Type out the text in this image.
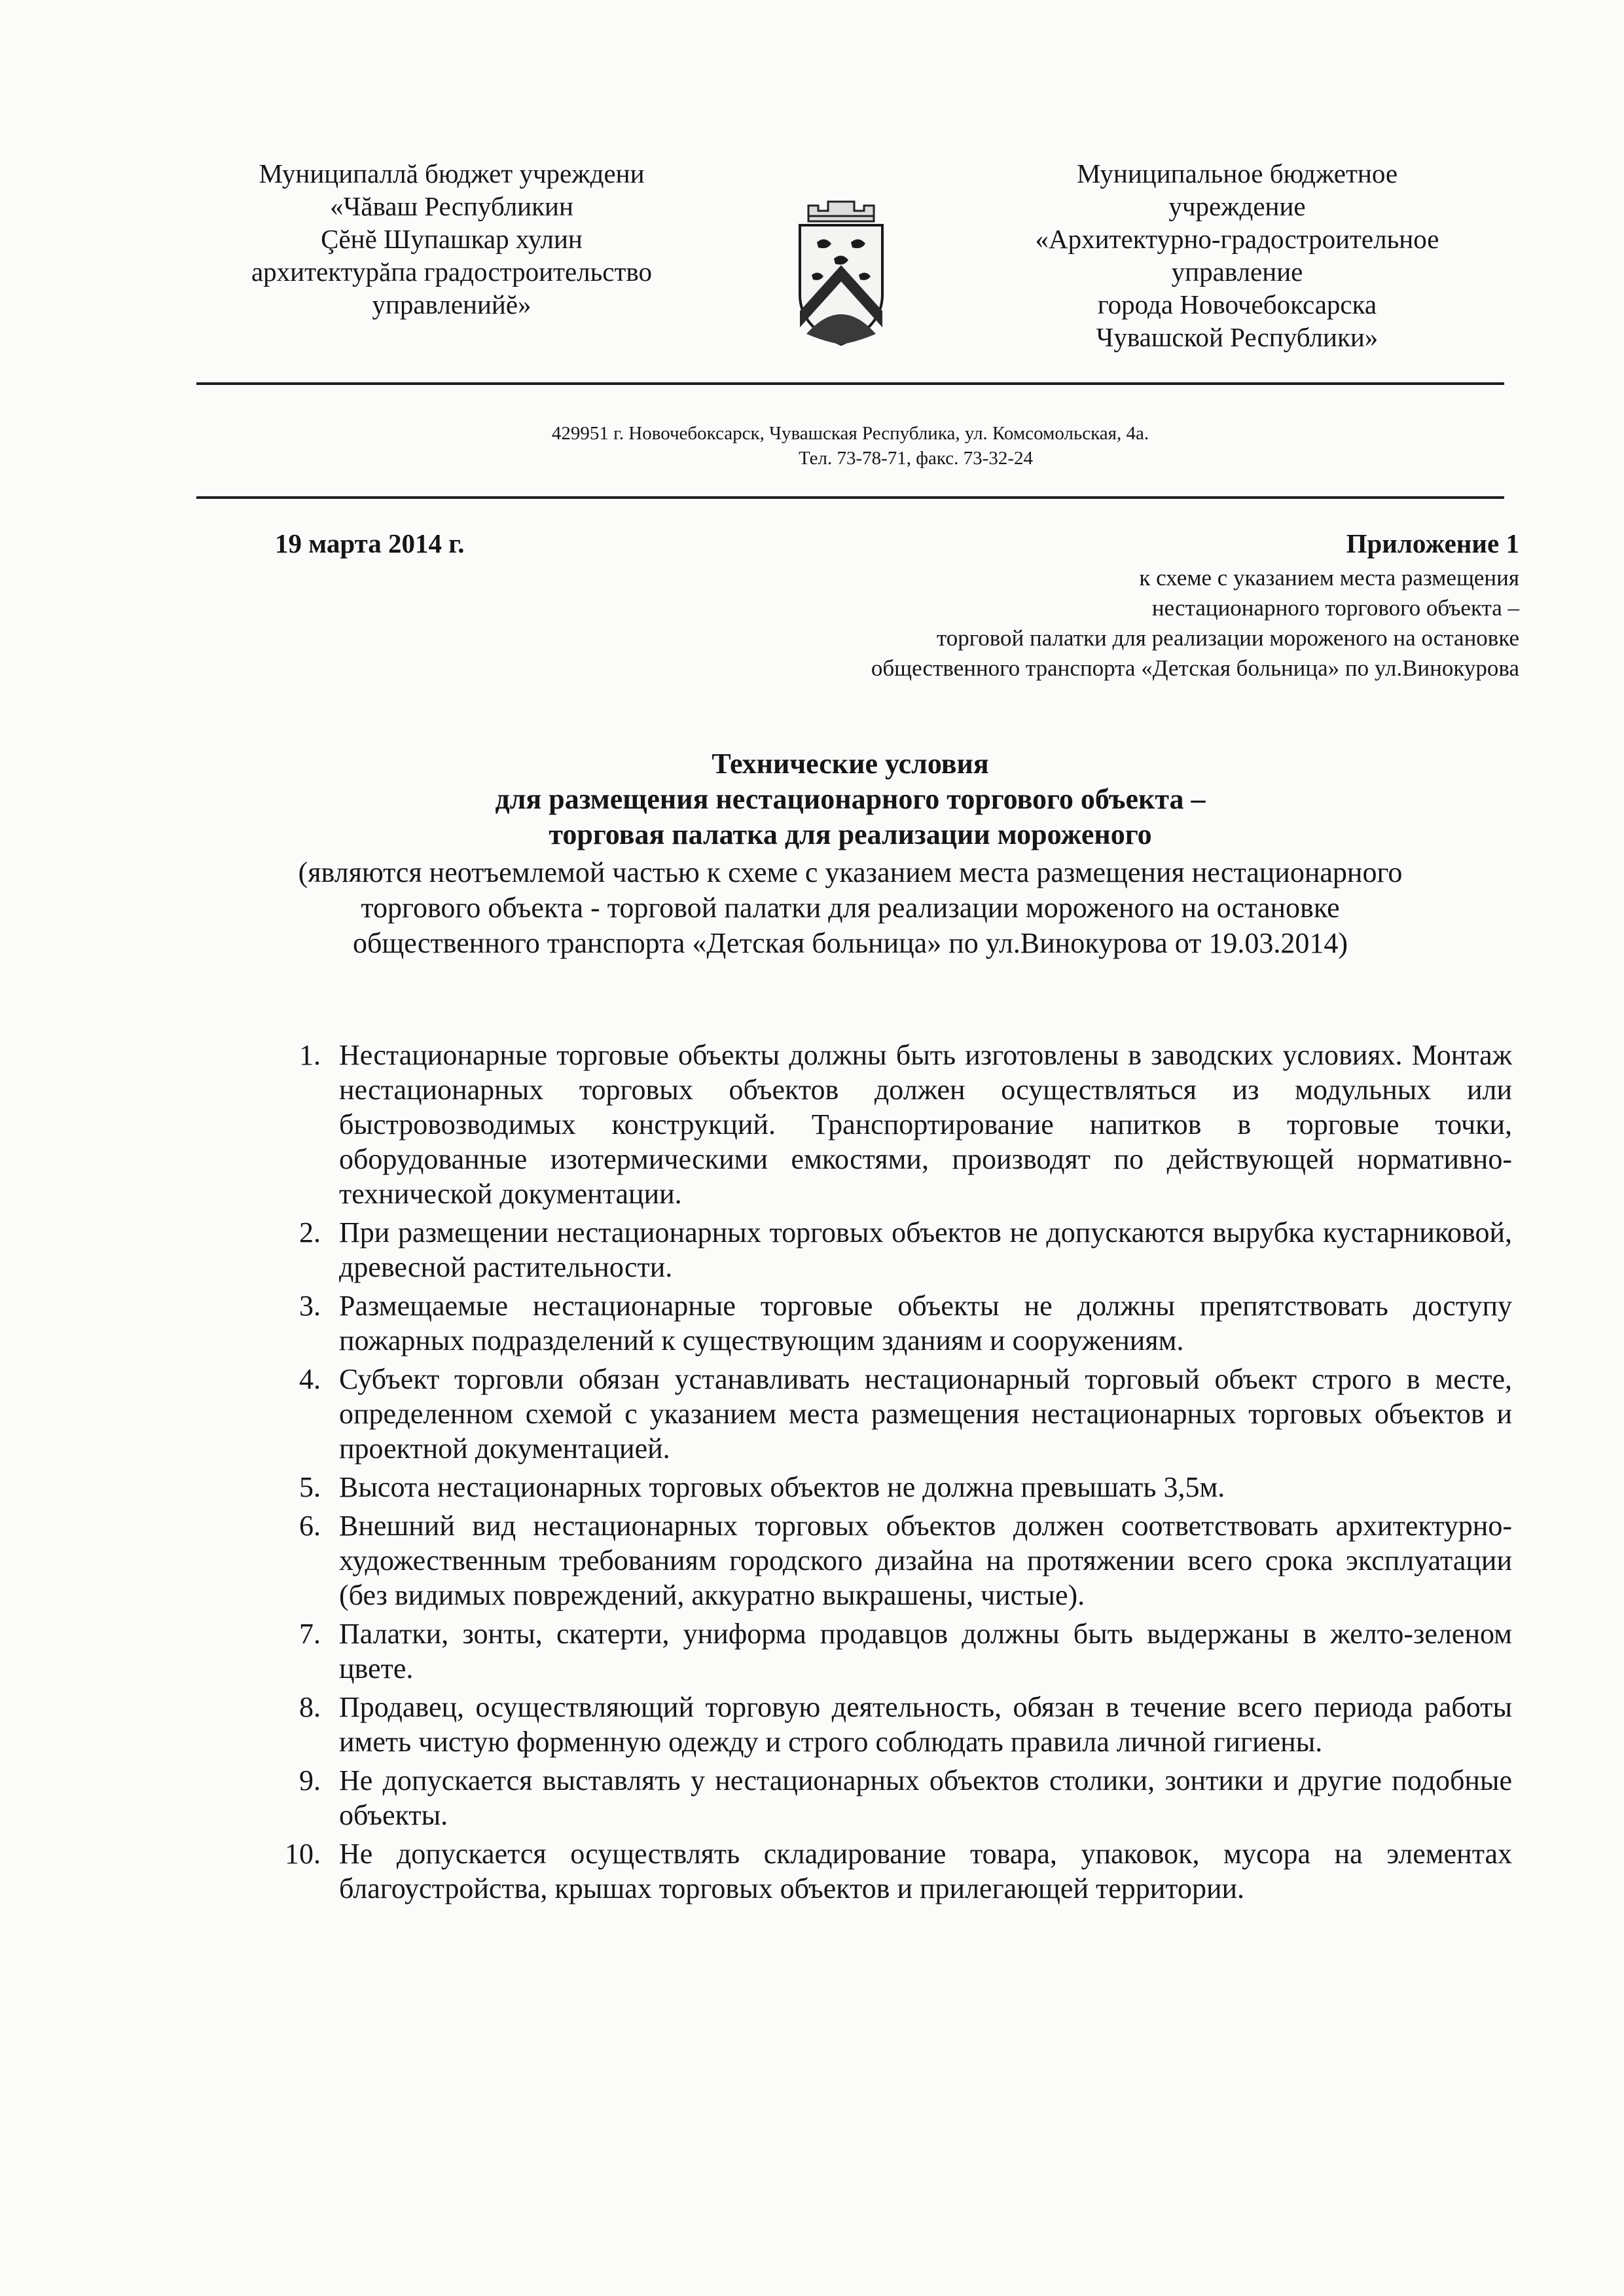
Муниципаллă бюджет учреждени
«Чăваш Республикин
Çĕнĕ Шупашкар хулин
архитектурăпа градостроительство
управленийĕ»
Муниципальное бюджетное
учреждение
«Архитектурно-градостроительное
управление
города Новочебоксарска
Чувашской Республики»
429951 г. Новочебоксарск, Чувашская Республика, ул. Комсомольская, 4а.
Тел. 73-78-71, факс. 73-32-24
19 марта 2014 г.	Приложение 1
к схеме с указанием места размещения
нестационарного торгового объекта –
торговой палатки для реализации мороженого на остановке
общественного транспорта «Детская больница» по ул.Винокурова
Технические условия
для размещения нестационарного торгового объекта –
торговая палатка для реализации мороженого
(являются неотъемлемой частью к схеме с указанием места размещения нестационарного
торгового объекта - торговой палатки для реализации мороженого на остановке
общественного транспорта «Детская больница» по ул.Винокурова от 19.03.2014)
1. Нестационарные торговые объекты должны быть изготовлены в заводских условиях. Монтаж нестационарных торговых объектов должен осуществляться из модульных или быстровозводимых конструкций. Транспортирование напитков в торговые точки, оборудованные изотермическими емкостями, производят по действующей нормативно-технической документации.
2. При размещении нестационарных торговых объектов не допускаются вырубка кустарниковой, древесной растительности.
3. Размещаемые нестационарные торговые объекты не должны препятствовать доступу пожарных подразделений к существующим зданиям и сооружениям.
4. Субъект торговли обязан устанавливать нестационарный торговый объект строго в месте, определенном схемой с указанием места размещения нестационарных торговых объектов и проектной документацией.
5. Высота нестационарных торговых объектов не должна превышать 3,5м.
6. Внешний вид нестационарных торговых объектов должен соответствовать архитектурно-художественным требованиям городского дизайна на протяжении всего срока эксплуатации (без видимых повреждений, аккуратно выкрашены, чистые).
7. Палатки, зонты, скатерти, униформа продавцов должны быть выдержаны в желто-зеленом цвете.
8. Продавец, осуществляющий торговую деятельность, обязан в течение всего периода работы иметь чистую форменную одежду и строго соблюдать правила личной гигиены.
9. Не допускается выставлять у нестационарных объектов столики, зонтики и другие подобные объекты.
10. Не допускается осуществлять складирование товара, упаковок, мусора на элементах благоустройства, крышах торговых объектов и прилегающей территории.
